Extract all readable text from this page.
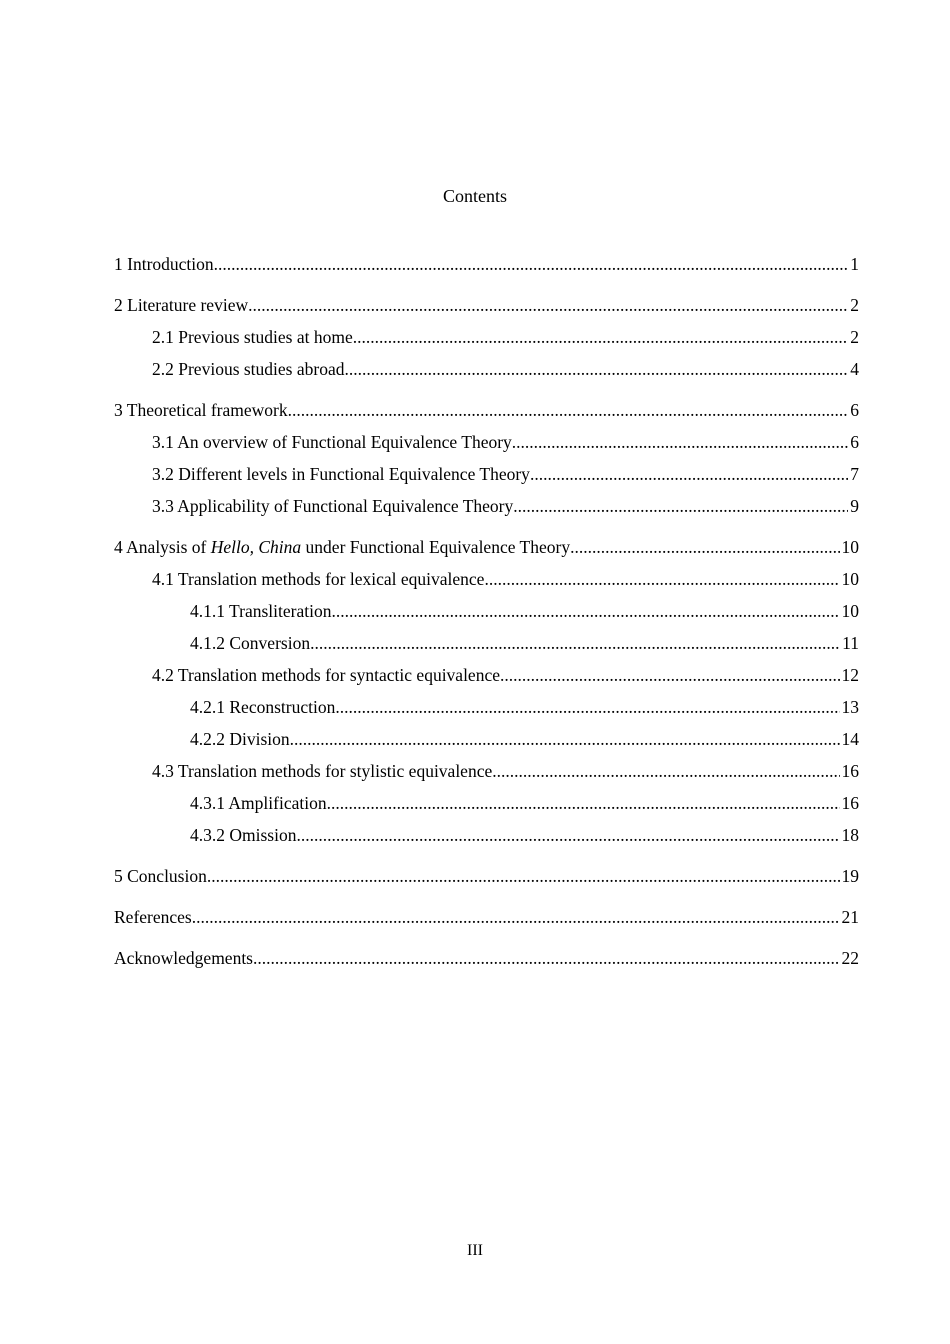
Contents
1 Introduction .....	1
2 Literature review .....	2
2.1 Previous studies at home .....	2
2.2 Previous studies abroad .....	4
3 Theoretical framework .....	6
3.1 An overview of Functional Equivalence Theory .....	6
3.2 Different levels in Functional Equivalence Theory .....	7
3.3 Applicability of Functional Equivalence Theory .....	9
4 Analysis of Hello, China under Functional Equivalence Theory .....	10
4.1 Translation methods for lexical equivalence .....	10
4.1.1 Transliteration .....	10
4.1.2 Conversion .....	11
4.2 Translation methods for syntactic equivalence .....	12
4.2.1 Reconstruction .....	13
4.2.2 Division .....	14
4.3 Translation methods for stylistic equivalence .....	16
4.3.1 Amplification .....	16
4.3.2 Omission .....	18
5 Conclusion .....	19
References .....	21
Acknowledgements .....	22
III
